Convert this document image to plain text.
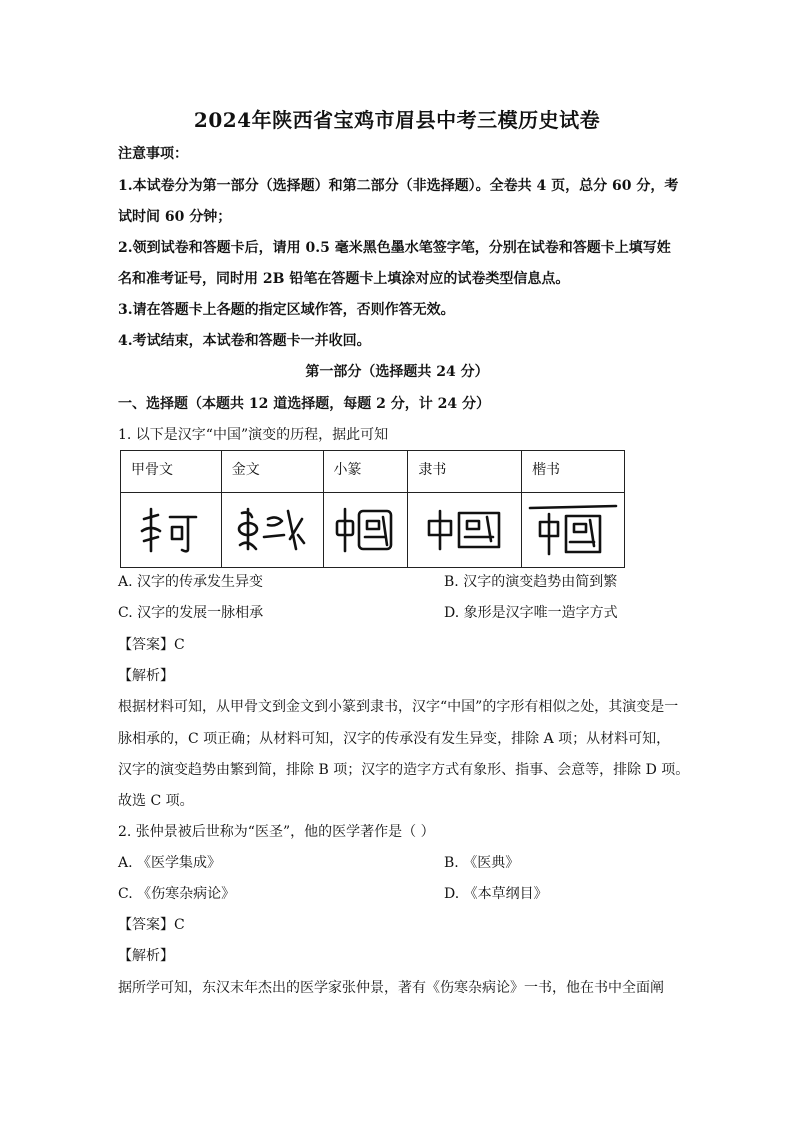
2024年陕西省宝鸡市眉县中考三模历史试卷
注意事项：
1.本试卷分为第一部分（选择题）和第二部分（非选择题）。全卷共 4 页，总分 60 分，考
试时间 60 分钟；
2.领到试卷和答题卡后，请用 0.5 毫米黑色墨水笔签字笔，分别在试卷和答题卡上填写姓
名和准考证号，同时用 2B 铅笔在答题卡上填涂对应的试卷类型信息点。
3.请在答题卡上各题的指定区域作答，否则作答无效。
4.考试结束，本试卷和答题卡一并收回。
第一部分（选择题共 24 分）
一、选择题（本题共 12 道选择题，每题 2 分，计 24 分）
1. 以下是汉字“中国”演变的历程，据此可知
甲骨文	金文	小篆	隶书	楷书

A. 汉字的传承发生异变	B. 汉字的演变趋势由简到繁
C. 汉字的发展一脉相承	D. 象形是汉字唯一造字方式
【答案】C
【解析】
根据材料可知，从甲骨文到金文到小篆到隶书，汉字“中国”的字形有相似之处，其演变是一
脉相承的，C 项正确；从材料可知，汉字的传承没有发生异变，排除 A 项；从材料可知，
汉字的演变趋势由繁到简，排除 B 项；汉字的造字方式有象形、指事、会意等，排除 D 项。
故选 C 项。
2. 张仲景被后世称为“医圣”，他的医学著作是（ ）
A. 《医学集成》	B. 《医典》
C. 《伤寒杂病论》	D. 《本草纲目》
【答案】C
【解析】
据所学可知，东汉末年杰出的医学家张仲景，著有《伤寒杂病论》一书，他在书中全面阐
